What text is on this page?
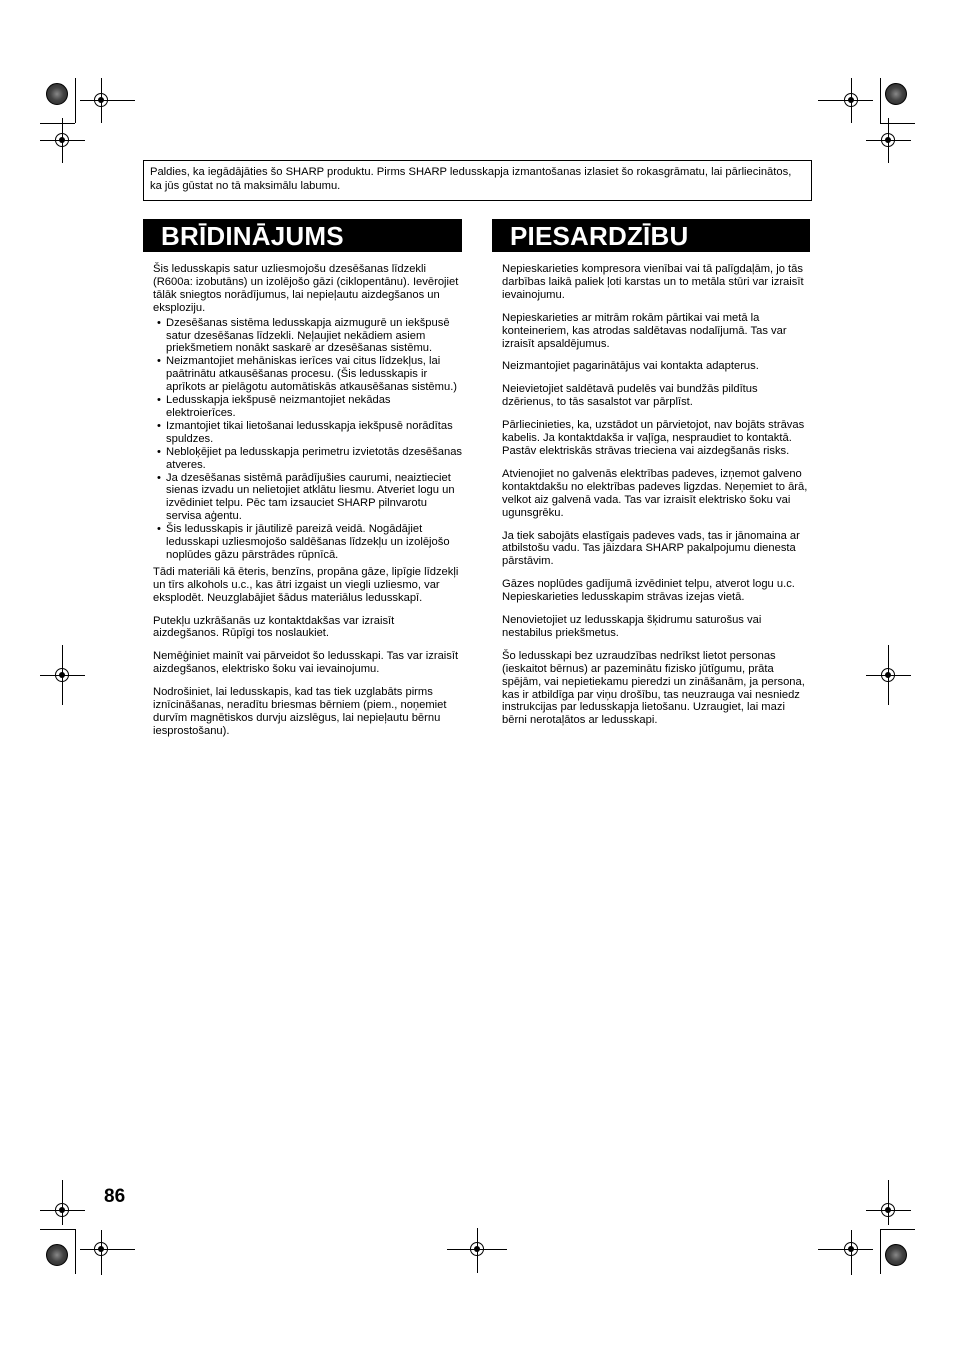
Paldies, ka iegādājāties šo SHARP produktu. Pirms SHARP ledusskapja izmantošanas izlasiet šo rokasgrāmatu, lai pārliecinātos, ka jūs gūstat no tā maksimālu labumu.
BRĪDINĀJUMS	PIESARDZĪBU

Šis ledusskapis satur uzliesmojošu dzesēšanas līdzekli (R600a: izobutāns) un izolējošo gāzi (ciklopentānu). Ievērojiet tālāk sniegtos norādījumus, lai nepieļautu aizdegšanos un eksploziju.

• Dzesēšanas sistēma ledusskapja aizmugurē un iekšpusē satur dzesēšanas līdzekli. Neļaujiet nekādiem asiem priekšmetiem nonākt saskarē ar dzesēšanas sistēmu.
• Neizmantojiet mehāniskas ierīces vai citus līdzekļus, lai paātrinātu atkausēšanas procesu. (Šis ledusskapis ir aprīkots ar pielāgotu automātiskās atkausēšanas sistēmu.)
• Ledusskapja iekšpusē neizmantojiet nekādas elektroierīces.
• Izmantojiet tikai lietošanai ledusskapja iekšpusē norādītas spuldzes.
• Nebloķējiet pa ledusskapja perimetru izvietotās dzesēšanas atveres.
• Ja dzesēšanas sistēmā parādījušies caurumi, neaiztieciet sienas izvadu un nelietojiet atklātu liesmu. Atveriet logu un izvēdiniet telpu. Pēc tam izsauciet SHARP pilnvarotu servisa aģentu.
• Šis ledusskapis ir jāutilizē pareizā veidā. Nogādājiet ledusskapi uzliesmojošo saldēšanas līdzekļu un izolējošo noplūdes gāzu pārstrādes rūpnīcā.

Tādi materiāli kā ēteris, benzīns, propāna gāze, lipīgie līdzekļi un tīrs alkohols u.c., kas ātri izgaist un viegli uzliesmo, var eksplodēt. Neuzglabājiet šādus materiālus ledusskapī.

Putekļu uzkrāšanās uz kontaktdakšas var izraisīt aizdegšanos. Rūpīgi tos noslaukiet.

Nemēģiniet mainīt vai pārveidot šo ledusskapi. Tas var izraisīt aizdegšanos, elektrisko šoku vai ievainojumu.

Nodrošiniet, lai ledusskapis, kad tas tiek uzglabāts pirms iznīcināšanas, neradītu briesmas bērniem (piem., noņemiet durvīm magnētiskos durvju aizslēgus, lai nepieļautu bērnu iesprostošanu).

Nepieskarieties kompresora vienībai vai tā palīgdaļām, jo tās darbības laikā paliek ļoti karstas un to metāla stūri var izraisīt ievainojumu.

Nepieskarieties ar mitrām rokām pārtikai vai metā la konteineriem, kas atrodas saldētavas nodalījumā. Tas var izraisīt apsaldējumus.

Neizmantojiet pagarinātājus vai kontakta adapterus.

Neievietojiet saldētavā pudelēs vai bundžās pildītus dzērienus, to tās sasalstot var pārplīst.

Pārliecinieties, ka, uzstādot un pārvietojot, nav bojāts strāvas kabelis. Ja kontaktdakša ir vaļīga, nespraudiet to kontaktā. Pastāv elektriskās strāvas trieciena vai aizdegšanās risks.

Atvienojiet no galvenās elektrības padeves, izņemot galveno kontaktdakšu no elektrības padeves ligzdas. Neņemiet to ārā, velkot aiz galvenā vada. Tas var izraisīt elektrisko šoku vai ugunsgrēku.

Ja tiek sabojāts elastīgais padeves vads, tas ir jānomaina ar atbilstošu vadu. Tas jāizdara SHARP pakalpojumu dienesta pārstāvim.

Gāzes noplūdes gadījumā izvēdiniet telpu, atverot logu u.c. Nepieskarieties ledusskapim strāvas izejas vietā.

Nenovietojiet uz ledusskapja šķidrumu saturošus vai nestabilus priekšmetus.

Šo ledusskapi bez uzraudzības nedrīkst lietot personas (ieskaitot bērnus) ar pazeminātu fizisko jūtīgumu, prāta spējām, vai nepietiekamu pieredzi un zināšanām, ja persona, kas ir atbildīga par viņu drošību, tas neuzrauga vai nesniedz instrukcijas par ledusskapja lietošanu. Uzraugiet, lai mazi bērni nerotaļātos ar ledusskapi.

86
